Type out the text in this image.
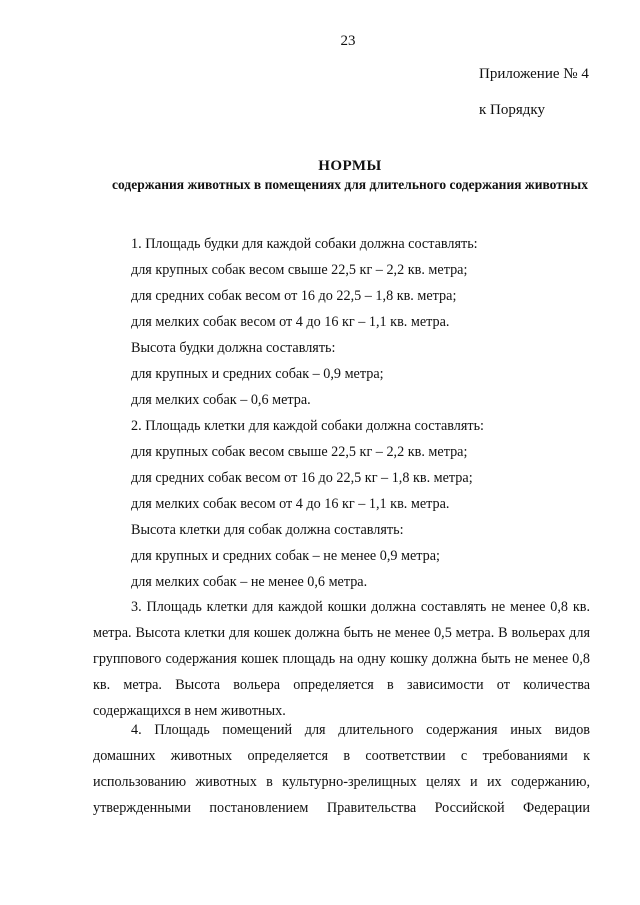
23
Приложение № 4
к Порядку
НОРМЫ
содержания животных в помещениях для длительного содержания животных
1. Площадь будки для каждой собаки должна составлять:
для крупных собак весом свыше 22,5 кг – 2,2 кв. метра;
для средних собак весом от 16 до 22,5 – 1,8 кв. метра;
для мелких собак весом от 4 до 16 кг – 1,1 кв. метра.
Высота будки должна составлять:
для крупных и средних собак – 0,9 метра;
для мелких собак – 0,6 метра.
2. Площадь клетки для каждой собаки должна составлять:
для крупных собак весом свыше 22,5 кг – 2,2 кв. метра;
для средних собак весом от 16 до 22,5 кг – 1,8 кв. метра;
для мелких собак весом от 4 до 16 кг – 1,1 кв. метра.
Высота клетки для собак должна составлять:
для крупных и средних собак – не менее 0,9 метра;
для мелких собак – не менее 0,6 метра.
3. Площадь клетки для каждой кошки должна составлять не менее 0,8 кв. метра. Высота клетки для кошек должна быть не менее 0,5 метра. В вольерах для группового содержания кошек площадь на одну кошку должна быть не менее 0,8 кв. метра. Высота вольера определяется в зависимости от количества содержащихся в нем животных.
4. Площадь помещений для длительного содержания иных видов домашних животных определяется в соответствии с требованиями к использованию животных в культурно-зрелищных целях и их содержанию, утвержденными постановлением Правительства Российской Федерации
